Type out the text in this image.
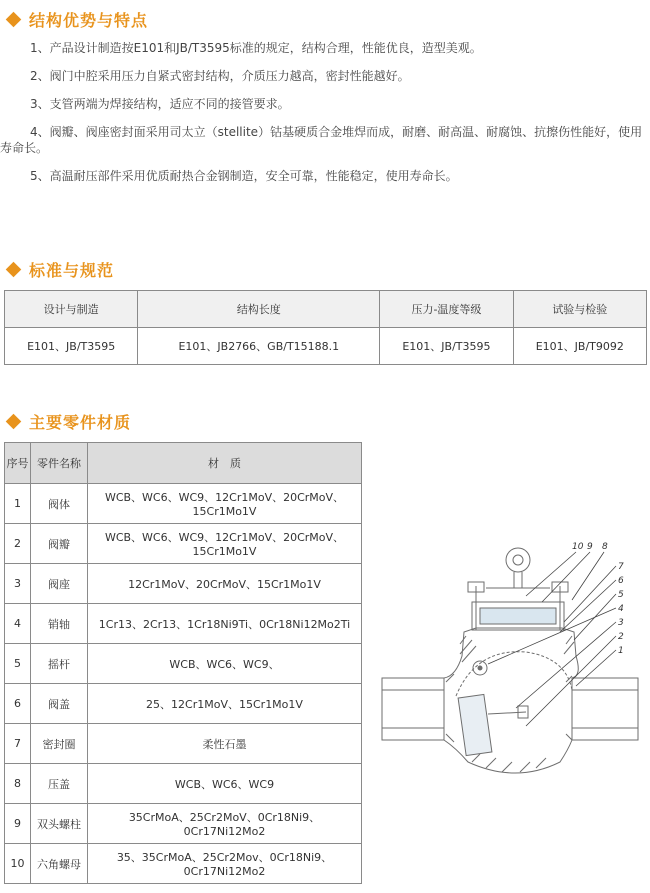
结构优势与特点
1、产品设计制造按E101和JB/T3595标准的规定，结构合理，性能优良，造型美观。
2、阀门中腔采用压力自紧式密封结构，介质压力越高，密封性能越好。
3、支管两端为焊接结构，适应不同的接管要求。
4、阀瓣、阀座密封面采用司太立（stellite）钴基硬质合金堆焊而成，耐磨、耐高温、耐腐蚀、抗擦伤性能好，使用寿命长。
5、高温耐压部件采用优质耐热合金钢制造，安全可靠，性能稳定，使用寿命长。
标准与规范
设计与制造	结构长度	压力-温度等级	试验与检验
E101、JB/T3595	E101、JB2766、GB/T15188.1	E101、JB/T3595	E101、JB/T9092
主要零件材质
序号	零件名称	材　质
1	阀体	WCB、WC6、WC9、12Cr1MoV、20CrMoV、15Cr1Mo1V
2	阀瓣	WCB、WC6、WC9、12Cr1MoV、20CrMoV、15Cr1Mo1V
3	阀座	12Cr1MoV、20CrMoV、15Cr1Mo1V
4	销轴	1Cr13、2Cr13、1Cr18Ni9Ti、0Cr18Ni12Mo2Ti
5	摇杆	WCB、WC6、WC9、
6	阀盖	25、12Cr1MoV、15Cr1Mo1V
7	密封圈	柔性石墨
8	压盖	WCB、WC6、WC9
9	双头螺柱	35CrMoA、25Cr2MoV、0Cr18Ni9、0Cr17Ni12Mo2
10	六角螺母	35、35CrMoA、25Cr2Mov、0Cr18Ni9、0Cr17Ni12Mo2
10 9 8
7
6
5
4
3
2
1
